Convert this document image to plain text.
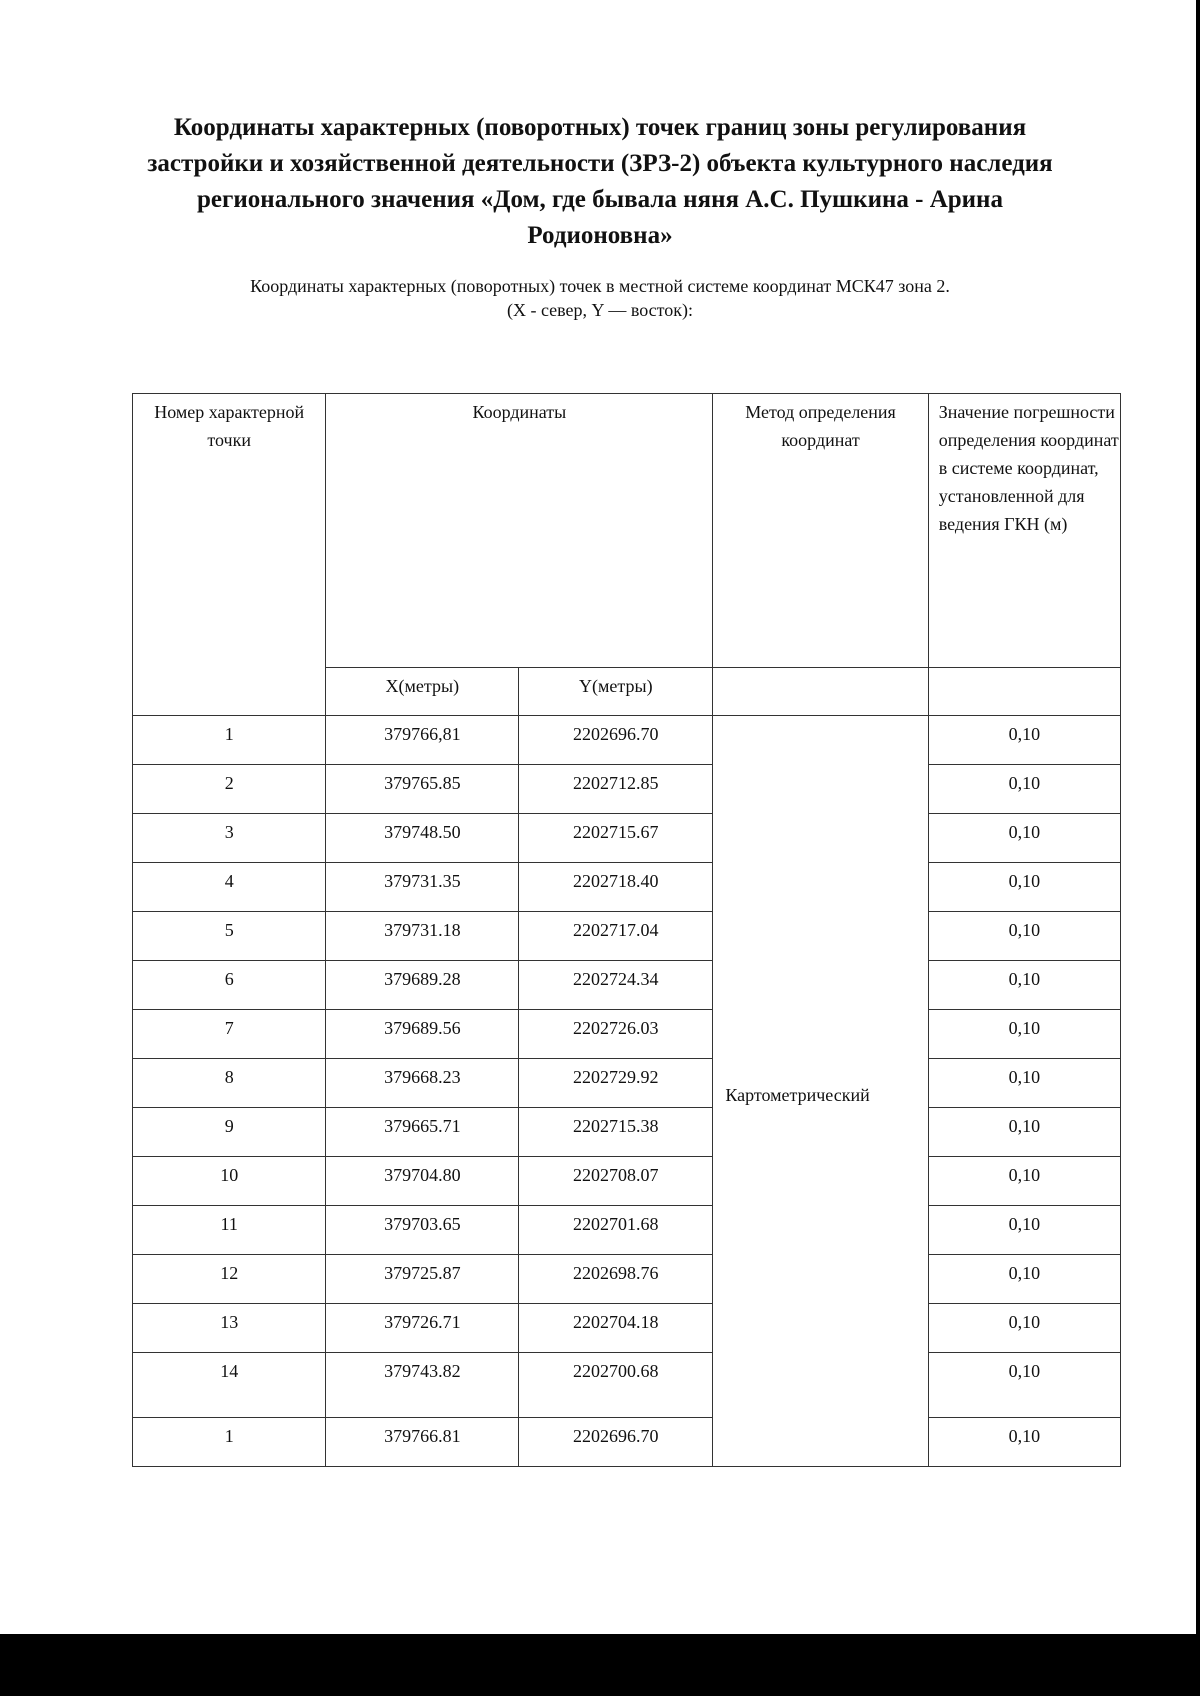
Координаты характерных (поворотных) точек границ зоны регулирования застройки и хозяйственной деятельности (ЗРЗ-2) объекта культурного наследия регионального значения «Дом, где бывала няня А.С. Пушкина - Арина Родионовна»
Координаты характерных (поворотных) точек в местной системе координат МСК47 зона 2.
(X - север, Y — восток):
Номер характерной точки	Координаты		Метод определения координат	Значение погрешности определения координат в системе координат, установленной для ведения ГКН (м)
	X(метры)	Y(метры)		
1	379766,81	2202696.70	Картометрический	0,10
2	379765.85	2202712.85		0,10
3	379748.50	2202715.67		0,10
4	379731.35	2202718.40		0,10
5	379731.18	2202717.04		0,10
6	379689.28	2202724.34		0,10
7	379689.56	2202726.03		0,10
8	379668.23	2202729.92		0,10
9	379665.71	2202715.38		0,10
10	379704.80	2202708.07		0,10
11	379703.65	2202701.68		0,10
12	379725.87	2202698.76		0,10
13	379726.71	2202704.18		0,10
14	379743.82	2202700.68		0,10
1	379766.81	2202696.70		0,10
